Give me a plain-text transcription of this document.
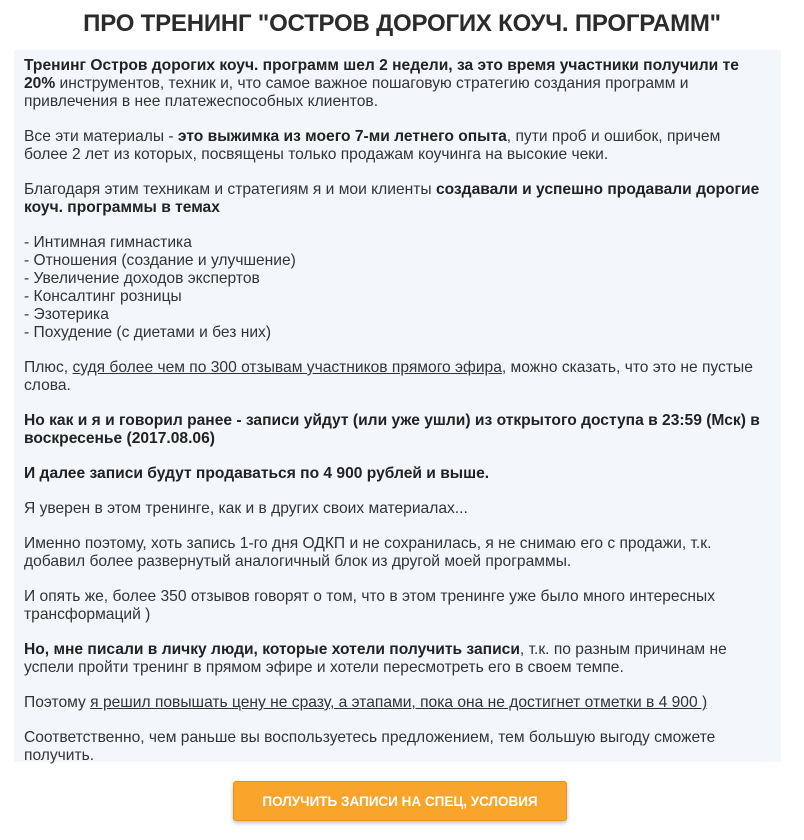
ПРО ТРЕНИНГ "ОСТРОВ ДОРОГИХ КОУЧ. ПРОГРАММ"

Тренинг Остров дорогих коуч. программ шел 2 недели, за это время участники получили те 20% инструментов, техник и, что самое важное пошаговую стратегию создания программ и привлечения в нее платежеспособных клиентов.

Все эти материалы - это выжимка из моего 7-ми летнего опыта, пути проб и ошибок, причем более 2 лет из которых, посвящены только продажам коучинга на высокие чеки.

Благодаря этим техникам и стратегиям я и мои клиенты создавали и успешно продавали дорогие коуч. программы в темах

- Интимная гимнастика
- Отношения (создание и улучшение)
- Увеличение доходов экспертов
- Консалтинг розницы
- Эзотерика
- Похудение (с диетами и без них)

Плюс, судя более чем по 300 отзывам участников прямого эфира, можно сказать, что это не пустые слова.

Но как и я и говорил ранее - записи уйдут (или уже ушли) из открытого доступа в 23:59 (Мск) в воскресенье (2017.08.06)

И далее записи будут продаваться по 4 900 рублей и выше.

Я уверен в этом тренинге, как и в других своих материалах...

Именно поэтому, хоть запись 1-го дня ОДКП и не сохранилась, я не снимаю его с продажи, т.к. добавил более развернутый аналогичный блок из другой моей программы.

И опять же, более 350 отзывов говорят о том, что в этом тренинге уже было много интересных трансформаций )

Но, мне писали в личку люди, которые хотели получить записи, т.к. по разным причинам не успели пройти тренинг в прямом эфире и хотели пересмотреть его в своем темпе.

Поэтому я решил повышать цену не сразу, а этапами, пока она не достигнет отметки в 4 900 )

Соответственно, чем раньше вы воспользуетесь предложением, тем большую выгоду сможете получить.

ПОЛУЧИТЬ ЗАПИСИ НА СПЕЦ, УСЛОВИЯ
